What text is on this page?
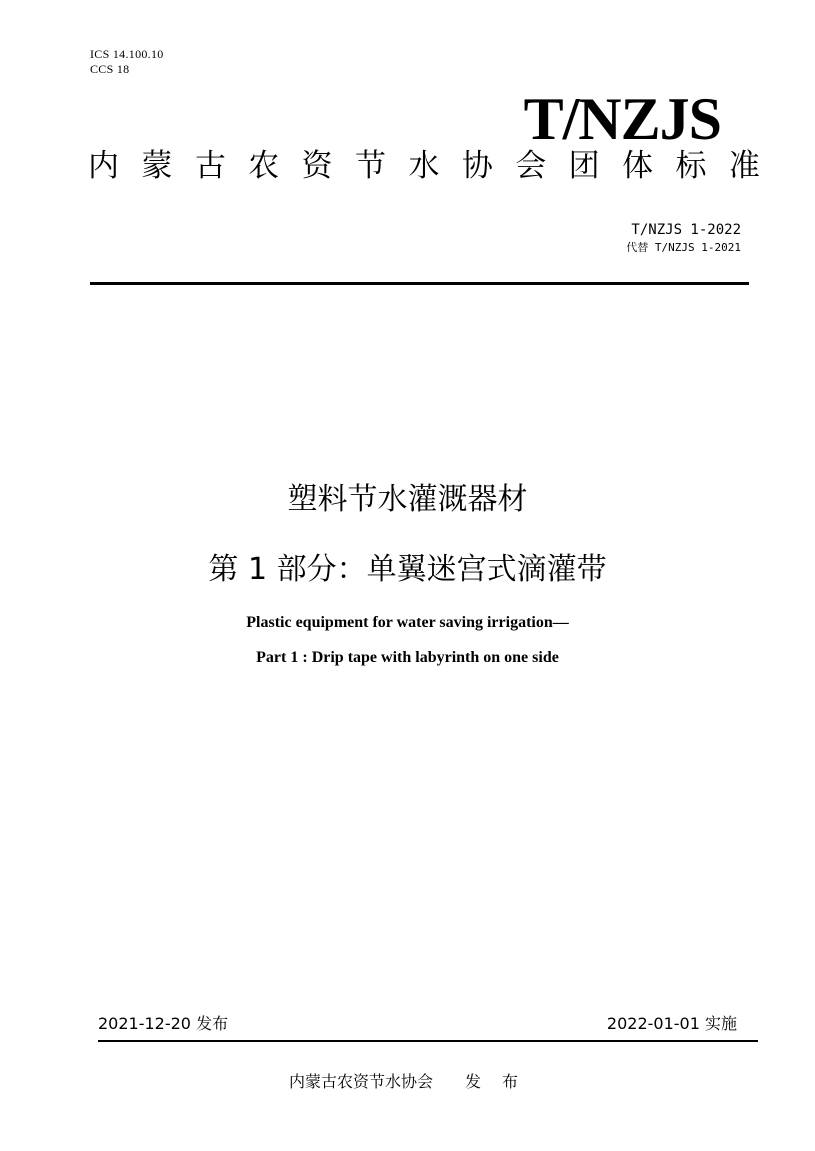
ICS 14.100.10
CCS 18
T/NZJS
内 蒙 古 农 资 节 水 协 会 团 体 标 准
T/NZJS 1-2022
代替 T/NZJS 1-2021
塑料节水灌溉器材
第 1 部分：单翼迷宫式滴灌带
Plastic equipment for water saving irrigation—
Part 1 : Drip tape with labyrinth on one side
2021-12-20 发布	2022-01-01 实施
内蒙古农资节水协会 发 布
